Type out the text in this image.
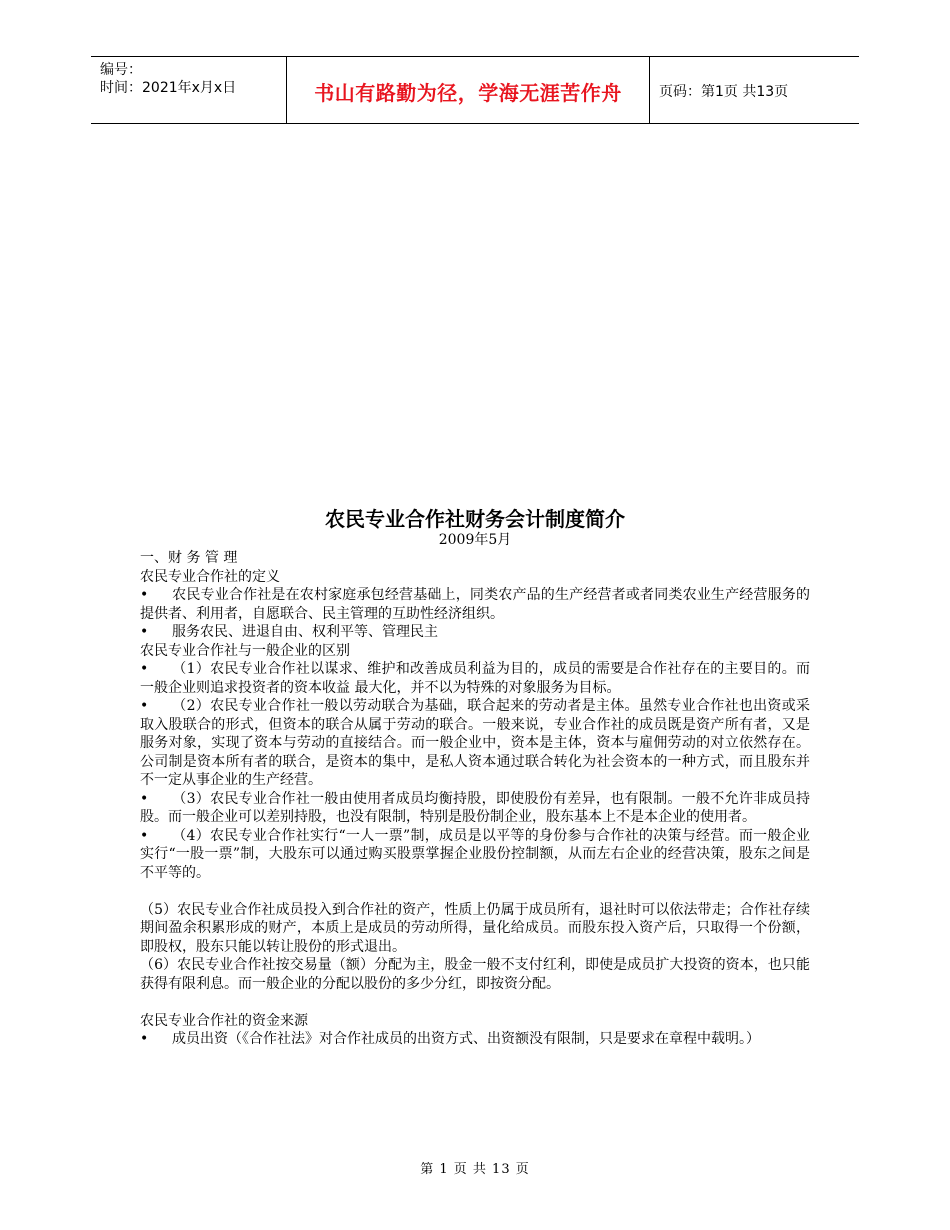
编号：
时间：2021年x月x日	书山有路勤为径，学海无涯苦作舟	页码：第1页 共13页
农民专业合作社财务会计制度简介
2009年5月

一、财 务 管 理

农民专业合作社的定义

• 农民专业合作社是在农村家庭承包经营基础上，同类农产品的生产经营者或者同类农业生产经营服务的提供者、利用者，自愿联合、民主管理的互助性经济组织。

• 服务农民、进退自由、权利平等、管理民主

农民专业合作社与一般企业的区别

• （1）农民专业合作社以谋求、维护和改善成员利益为目的，成员的需要是合作社存在的主要目的。而一般企业则追求投资者的资本收益 最大化，并不以为特殊的对象服务为目标。

• （2）农民专业合作社一般以劳动联合为基础，联合起来的劳动者是主体。虽然专业合作社也出资或采取入股联合的形式，但资本的联合从属于劳动的联合。一般来说，专业合作社的成员既是资产所有者，又是服务对象，实现了资本与劳动的直接结合。而一般企业中，资本是主体，资本与雇佣劳动的对立依然存在。公司制是资本所有者的联合，是资本的集中，是私人资本通过联合转化为社会资本的一种方式，而且股东并不一定从事企业的生产经营。

• （3）农民专业合作社一般由使用者成员均衡持股，即使股份有差异，也有限制。一般不允许非成员持股。而一般企业可以差别持股，也没有限制，特别是股份制企业，股东基本上不是本企业的使用者。

• （4）农民专业合作社实行“一人一票”制，成员是以平等的身份参与合作社的决策与经营。而一般企业实行“一股一票”制，大股东可以通过购买股票掌握企业股份控制额，从而左右企业的经营决策，股东之间是不平等的。

（5）农民专业合作社成员投入到合作社的资产，性质上仍属于成员所有，退社时可以依法带走；合作社存续期间盈余积累形成的财产，本质上是成员的劳动所得，量化给成员。而股东投入资产后，只取得一个份额，即股权，股东只能以转让股份的形式退出。

（6）农民专业合作社按交易量（额）分配为主，股金一般不支付红利，即使是成员扩大投资的资本，也只能获得有限利息。而一般企业的分配以股份的多少分红，即按资分配。

农民专业合作社的资金来源

• 成员出资（《合作社法》对合作社成员的出资方式、出资额没有限制，只是要求在章程中载明。）

第 1 页 共 13 页
